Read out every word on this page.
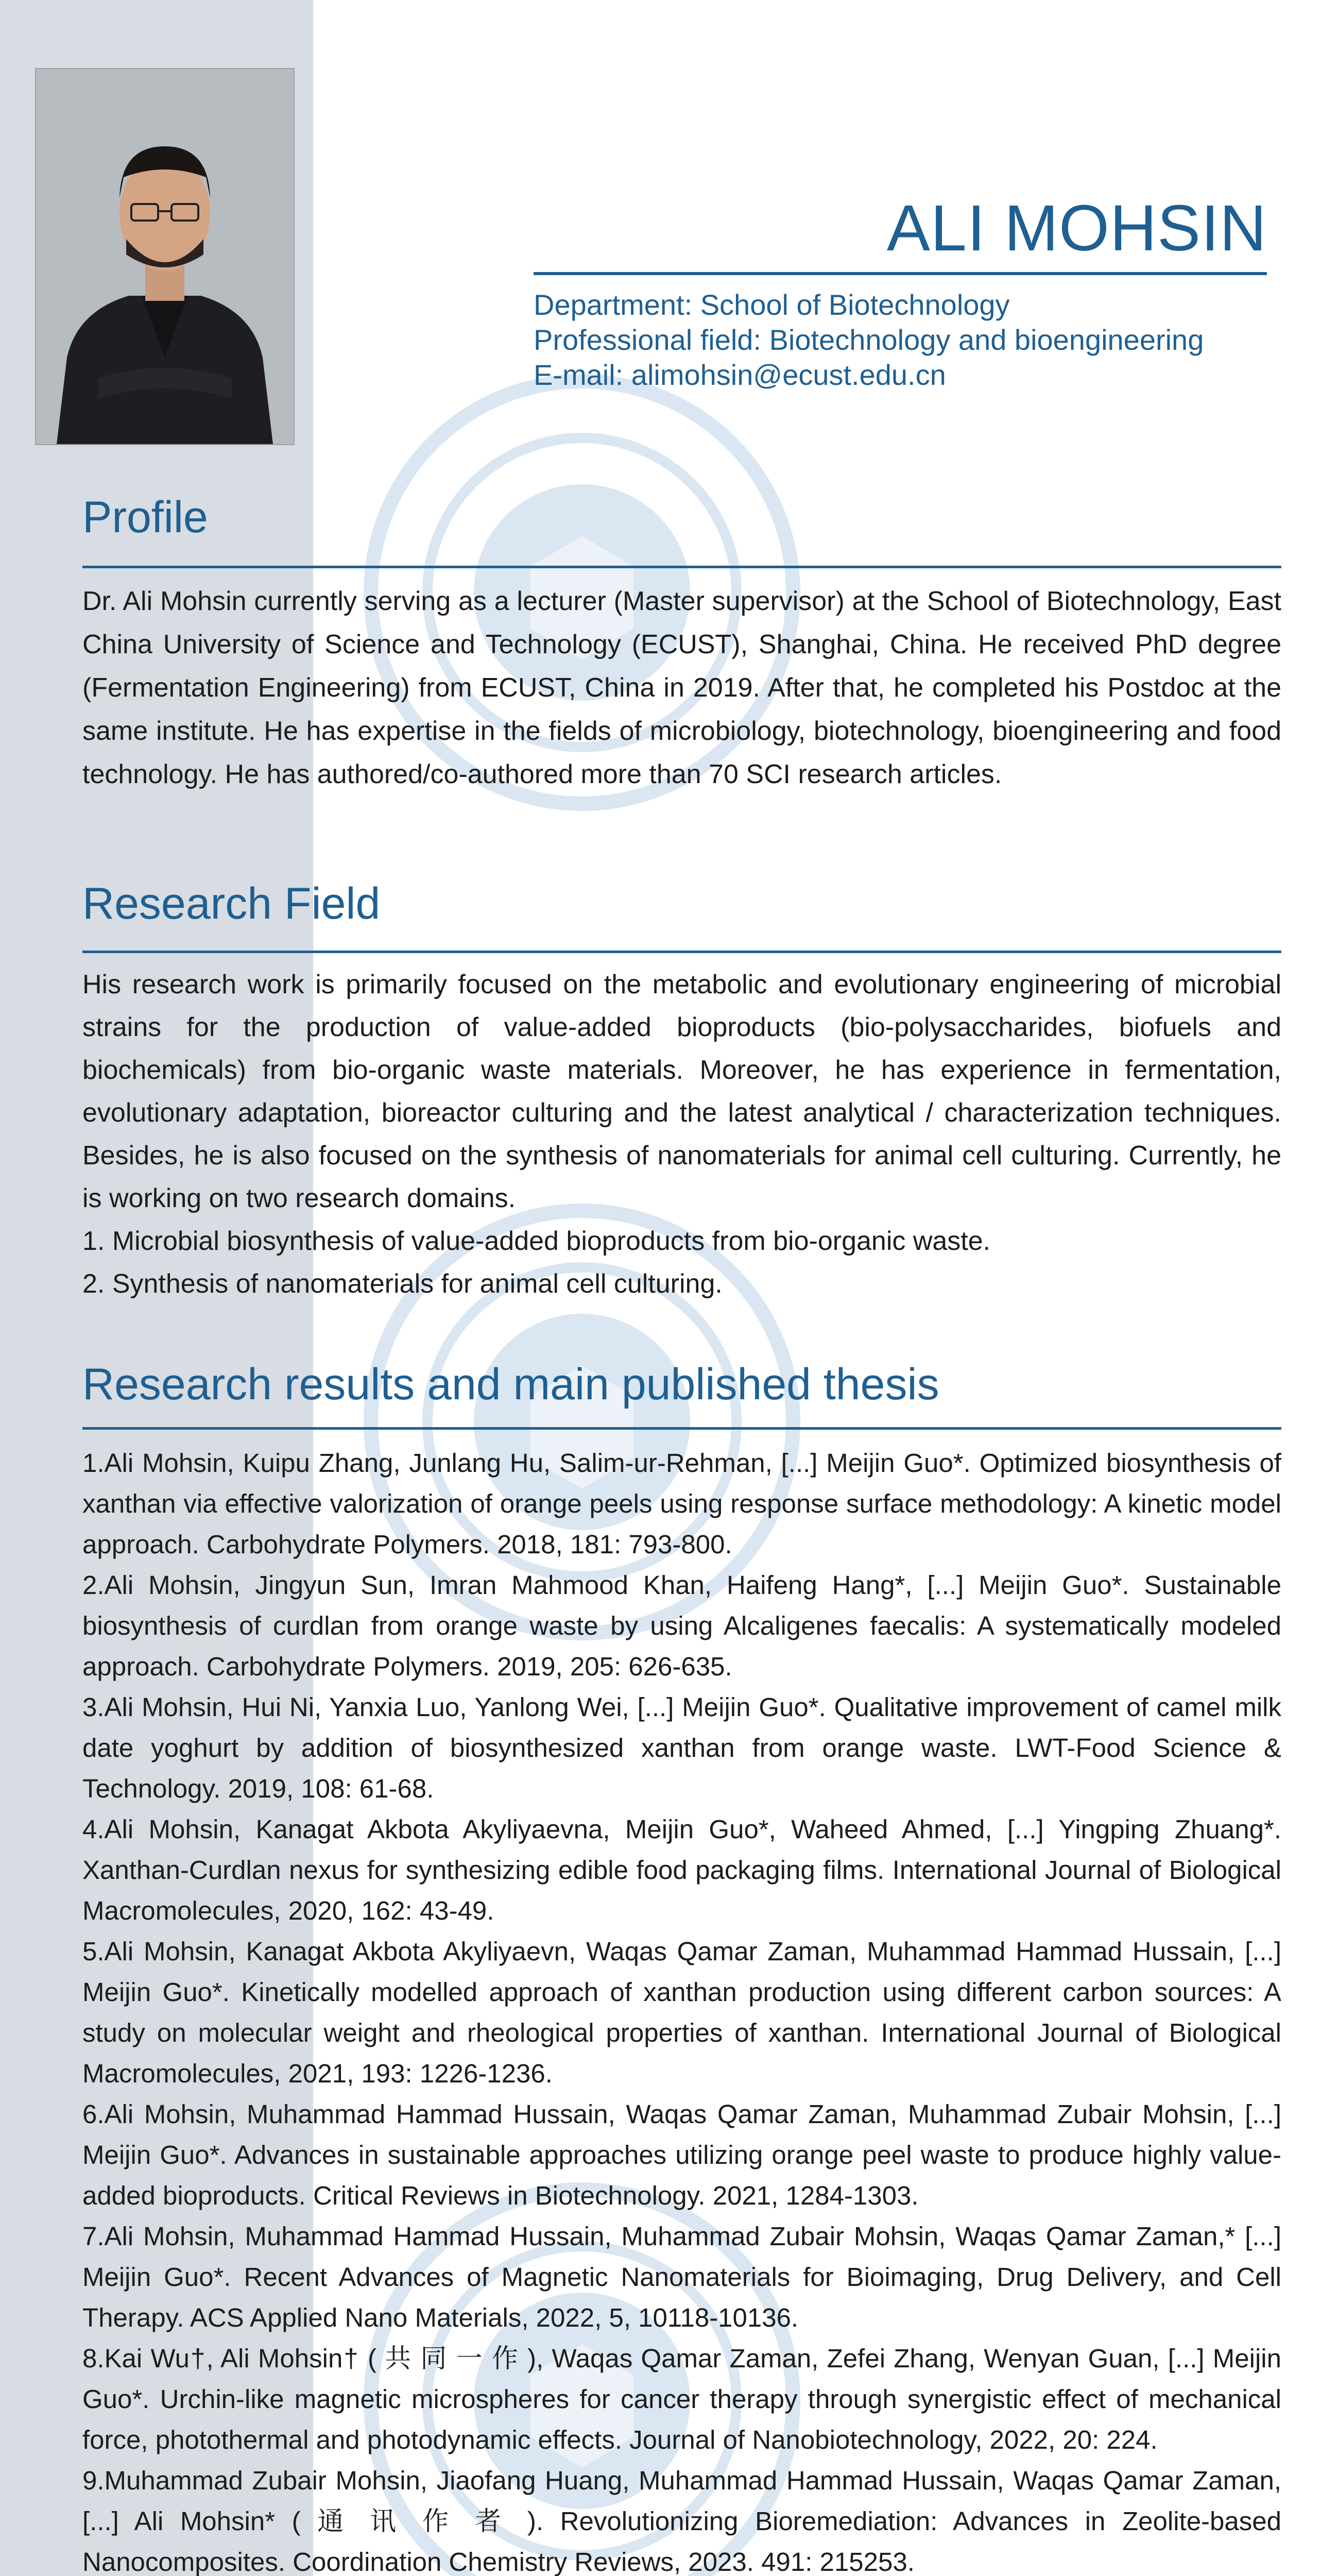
ALI MOHSIN
Department: School of Biotechnology
Professional field: Biotechnology and bioengineering
E-mail: alimohsin@ecust.edu.cn
Profile

Dr. Ali Mohsin currently serving as a lecturer (Master supervisor) at the School of Biotechnology, East China University of Science and Technology (ECUST), Shanghai, China. He received PhD degree (Fermentation Engineering) from ECUST, China in 2019. After that, he completed his Postdoc at the same institute. He has expertise in the fields of microbiology, biotechnology, bioengineering and food technology. He has authored/co-authored more than 70 SCI research articles.

Research Field

His research work is primarily focused on the metabolic and evolutionary engineering of microbial strains for the production of value-added bioproducts (bio-polysaccharides, biofuels and biochemicals) from bio-organic waste materials. Moreover, he has experience in fermentation, evolutionary adaptation, bioreactor culturing and the latest analytical / characterization techniques. Besides, he is also focused on the synthesis of nanomaterials for animal cell culturing. Currently, he is working on two research domains.

1. Microbial biosynthesis of value-added bioproducts from bio-organic waste.

2. Synthesis of nanomaterials for animal cell culturing.

Research results and main published thesis

1.Ali Mohsin, Kuipu Zhang, Junlang Hu, Salim-ur-Rehman, [...] Meijin Guo*. Optimized biosynthesis of xanthan via effective valorization of orange peels using response surface methodology: A kinetic model approach. Carbohydrate Polymers. 2018, 181: 793-800.

2.Ali Mohsin, Jingyun Sun, Imran Mahmood Khan, Haifeng Hang*, [...] Meijin Guo*. Sustainable biosynthesis of curdlan from orange waste by using Alcaligenes faecalis: A systematically modeled approach. Carbohydrate Polymers. 2019, 205: 626-635.

3.Ali Mohsin, Hui Ni, Yanxia Luo, Yanlong Wei, [...] Meijin Guo*. Qualitative improvement of camel milk date yoghurt by addition of biosynthesized xanthan from orange waste. LWT-Food Science & Technology. 2019, 108: 61-68.

4.Ali Mohsin, Kanagat Akbota Akyliyaevna, Meijin Guo*, Waheed Ahmed, [...] Yingping Zhuang*. Xanthan-Curdlan nexus for synthesizing edible food packaging films. International Journal of Biological Macromolecules, 2020, 162: 43-49.

5.Ali Mohsin, Kanagat Akbota Akyliyaevn, Waqas Qamar Zaman, Muhammad Hammad Hussain, [...] Meijin Guo*. Kinetically modelled approach of xanthan production using different carbon sources: A study on molecular weight and rheological properties of xanthan. International Journal of Biological Macromolecules, 2021, 193: 1226-1236.

6.Ali Mohsin, Muhammad Hammad Hussain, Waqas Qamar Zaman, Muhammad Zubair Mohsin, [...] Meijin Guo*. Advances in sustainable approaches utilizing orange peel waste to produce highly value-added bioproducts. Critical Reviews in Biotechnology. 2021, 1284-1303.

7.Ali Mohsin, Muhammad Hammad Hussain, Muhammad Zubair Mohsin, Waqas Qamar Zaman,* [...] Meijin Guo*. Recent Advances of Magnetic Nanomaterials for Bioimaging, Drug Delivery, and Cell Therapy. ACS Applied Nano Materials, 2022, 5, 10118-10136.

8.Kai Wu†, Ali Mohsin† ( 共 同 一 作 ), Waqas Qamar Zaman, Zefei Zhang, Wenyan Guan, [...] Meijin Guo*. Urchin-like magnetic microspheres for cancer therapy through synergistic effect of mechanical force, photothermal and photodynamic effects. Journal of Nanobiotechnology, 2022, 20: 224.

9.Muhammad Zubair Mohsin, Jiaofang Huang, Muhammad Hammad Hussain, Waqas Qamar Zaman, [...] Ali Mohsin* ( 通 讯 作 者 ). Revolutionizing Bioremediation: Advances in Zeolite-based Nanocomposites. Coordination Chemistry Reviews, 2023. 491: 215253.
